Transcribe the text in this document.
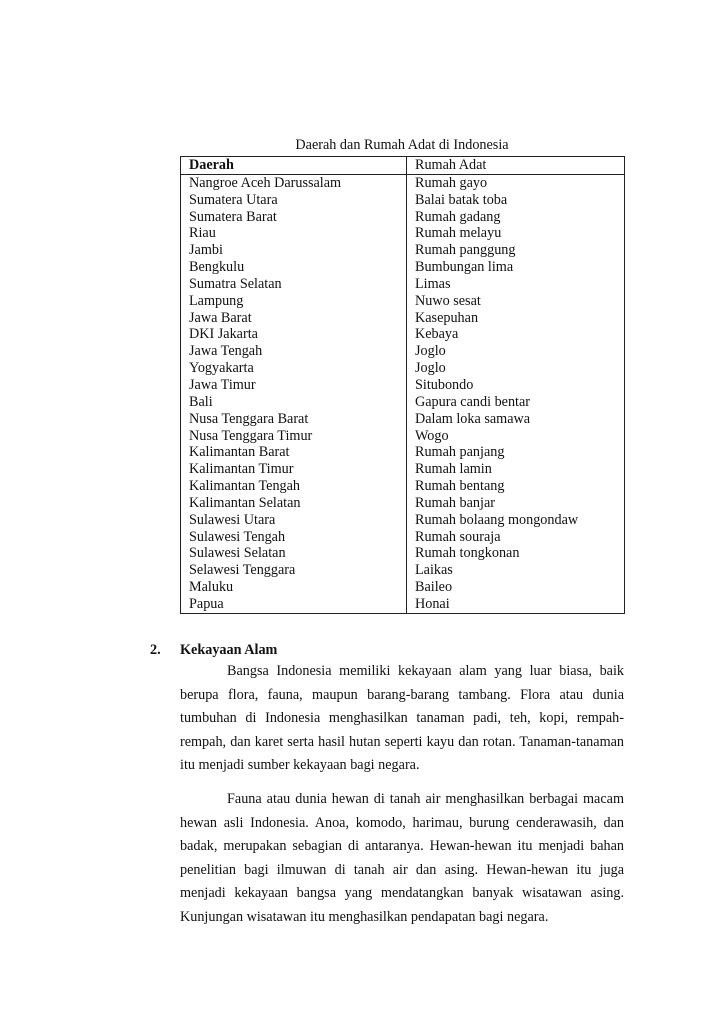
Daerah dan Rumah Adat di Indonesia
Daerah	Rumah Adat
Nangroe Aceh Darussalam	Rumah gayo
Sumatera Utara	Balai batak toba
Sumatera Barat	Rumah gadang
Riau	Rumah melayu
Jambi	Rumah panggung
Bengkulu	Bumbungan lima
Sumatra Selatan	Limas
Lampung	Nuwo sesat
Jawa Barat	Kasepuhan
DKI Jakarta	Kebaya
Jawa Tengah	Joglo
Yogyakarta	Joglo
Jawa Timur	Situbondo
Bali	Gapura candi bentar
Nusa Tenggara Barat	Dalam loka samawa
Nusa Tenggara Timur	Wogo
Kalimantan Barat	Rumah panjang
Kalimantan Timur	Rumah lamin
Kalimantan Tengah	Rumah bentang
Kalimantan Selatan	Rumah banjar
Sulawesi Utara	Rumah bolaang mongondaw
Sulawesi Tengah	Rumah souraja
Sulawesi Selatan	Rumah tongkonan
Selawesi Tenggara	Laikas
Maluku	Baileo
Papua	Honai
2.	Kekayaan Alam

Bangsa Indonesia memiliki kekayaan alam yang luar biasa, baik berupa flora, fauna, maupun barang-barang tambang. Flora atau dunia tumbuhan di Indonesia menghasilkan tanaman padi, teh, kopi, rempah-rempah, dan karet serta hasil hutan seperti kayu dan rotan. Tanaman-tanaman itu menjadi sumber kekayaan bagi negara.

Fauna atau dunia hewan di tanah air menghasilkan berbagai macam hewan asli Indonesia. Anoa, komodo, harimau, burung cenderawasih, dan badak, merupakan sebagian di antaranya. Hewan-hewan itu menjadi bahan penelitian bagi ilmuwan di tanah air dan asing. Hewan-hewan itu juga menjadi kekayaan bangsa yang mendatangkan banyak wisatawan asing. Kunjungan wisatawan itu menghasilkan pendapatan bagi negara.
